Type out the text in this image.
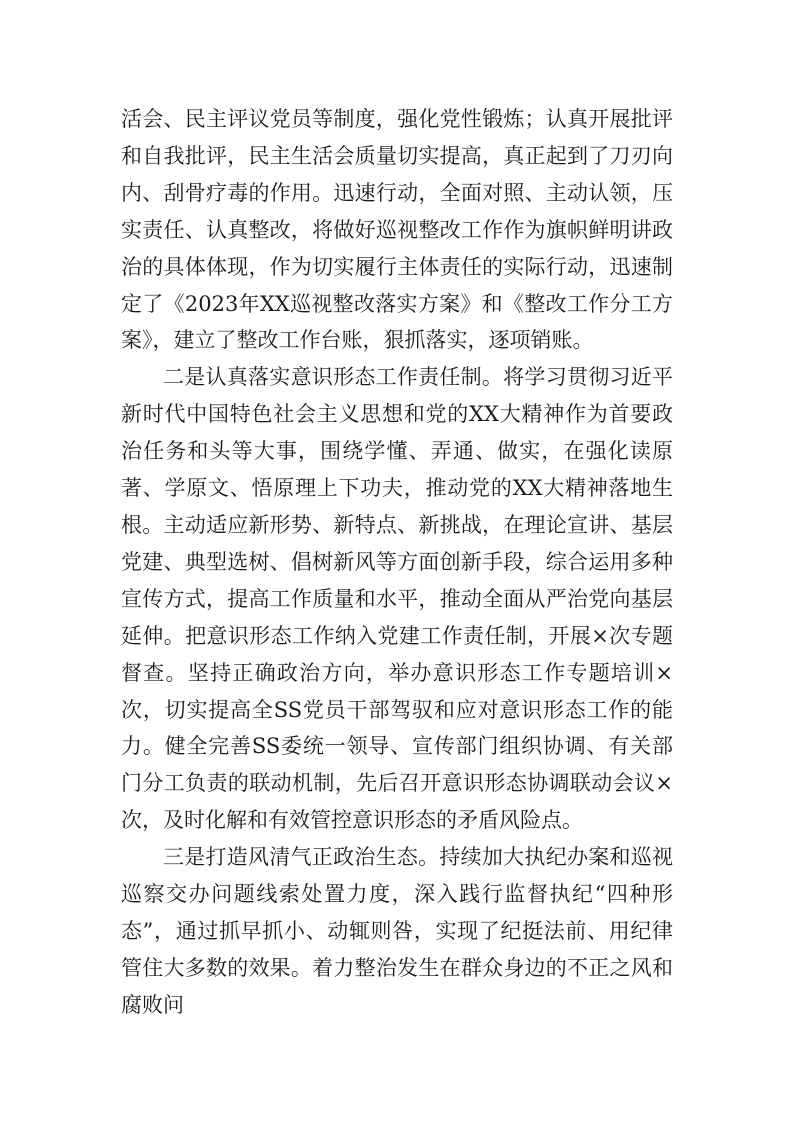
活会、民主评议党员等制度，强化党性锻炼；认真开展批评和自我批评，民主生活会质量切实提高，真正起到了刀刃向内、刮骨疗毒的作用。迅速行动，全面对照、主动认领，压实责任、认真整改，将做好巡视整改工作作为旗帜鲜明讲政治的具体体现，作为切实履行主体责任的实际行动，迅速制定了《2023年XX巡视整改落实方案》和《整改工作分工方案》，建立了整改工作台账，狠抓落实，逐项销账。

二是认真落实意识形态工作责任制。将学习贯彻习近平新时代中国特色社会主义思想和党的XX大精神作为首要政治任务和头等大事，围绕学懂、弄通、做实，在强化读原著、学原文、悟原理上下功夫，推动党的XX大精神落地生根。主动适应新形势、新特点、新挑战，在理论宣讲、基层党建、典型选树、倡树新风等方面创新手段，综合运用多种宣传方式，提高工作质量和水平，推动全面从严治党向基层延伸。把意识形态工作纳入党建工作责任制，开展×次专题督查。坚持正确政治方向，举办意识形态工作专题培训×次，切实提高全SS党员干部驾驭和应对意识形态工作的能力。健全完善SS委统一领导、宣传部门组织协调、有关部门分工负责的联动机制，先后召开意识形态协调联动会议×次，及时化解和有效管控意识形态的矛盾风险点。

三是打造风清气正政治生态。持续加大执纪办案和巡视巡察交办问题线索处置力度，深入践行监督执纪“四种形态”，通过抓早抓小、动辄则咎，实现了纪挺法前、用纪律管住大多数的效果。着力整治发生在群众身边的不正之风和腐败问
